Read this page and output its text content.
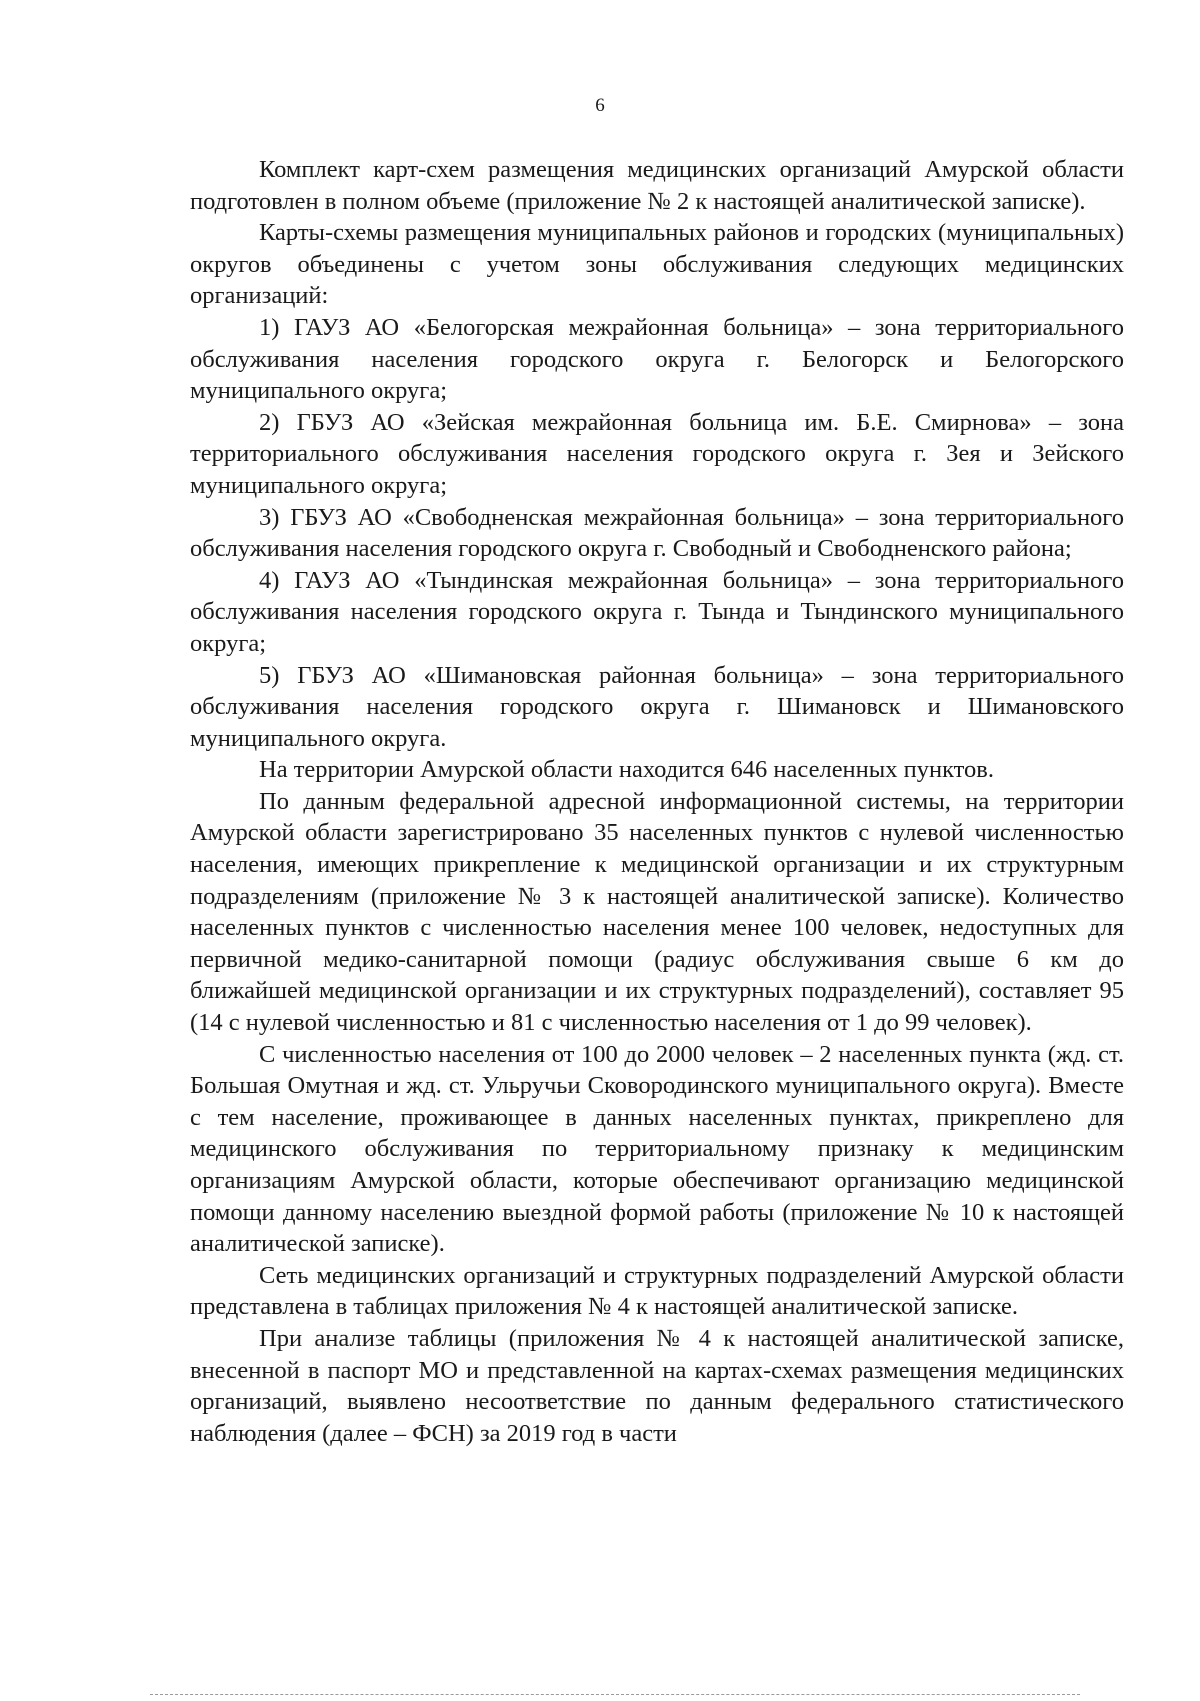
6

Комплект карт-схем размещения медицинских организаций Амурской области подготовлен в полном объеме (приложение № 2 к настоящей аналитической записке).

Карты-схемы размещения муниципальных районов и городских (муниципальных) округов объединены с учетом зоны обслуживания следующих медицинских организаций:

1) ГАУЗ АО «Белогорская межрайонная больница» – зона территориального обслуживания населения городского округа г. Белогорск и Белогорского муниципального округа;

2) ГБУЗ АО «Зейская межрайонная больница им. Б.Е. Смирнова» – зона территориального обслуживания населения городского округа г. Зея и Зейского муниципального округа;

3) ГБУЗ АО «Свободненская межрайонная больница» – зона территориального обслуживания населения городского округа г. Свободный и Свободненского района;

4) ГАУЗ АО «Тындинская межрайонная больница» – зона территориального обслуживания населения городского округа г. Тында и Тындинского муниципального округа;

5) ГБУЗ АО «Шимановская районная больница» – зона территориального обслуживания населения городского округа г. Шимановск и Шимановского муниципального округа.

На территории Амурской области находится 646 населенных пунктов.

По данным федеральной адресной информационной системы, на территории Амурской области зарегистрировано 35 населенных пунктов с нулевой численностью населения, имеющих прикрепление к медицинской организации и их структурным подразделениям (приложение № 3 к настоящей аналитической записке). Количество населенных пунктов с численностью населения менее 100 человек, недоступных для первичной медико-санитарной помощи (радиус обслуживания свыше 6 км до ближайшей медицинской организации и их структурных подразделений), составляет 95 (14 с нулевой численностью и 81 с численностью населения от 1 до 99 человек).

С численностью населения от 100 до 2000 человек – 2 населенных пункта (жд. ст. Большая Омутная и жд. ст. Ульручьи Сковородинского муниципального округа). Вместе с тем население, проживающее в данных населенных пунктах, прикреплено для медицинского обслуживания по территориальному признаку к медицинским организациям Амурской области, которые обеспечивают организацию медицинской помощи данному населению выездной формой работы (приложение № 10 к настоящей аналитической записке).

Сеть медицинских организаций и структурных подразделений Амурской области представлена в таблицах приложения № 4 к настоящей аналитической записке.

При анализе таблицы (приложения № 4 к настоящей аналитической записке, внесенной в паспорт МО и представленной на картах-схемах размещения медицинских организаций, выявлено несоответствие по данным федерального статистического наблюдения (далее – ФСН) за 2019 год в части
